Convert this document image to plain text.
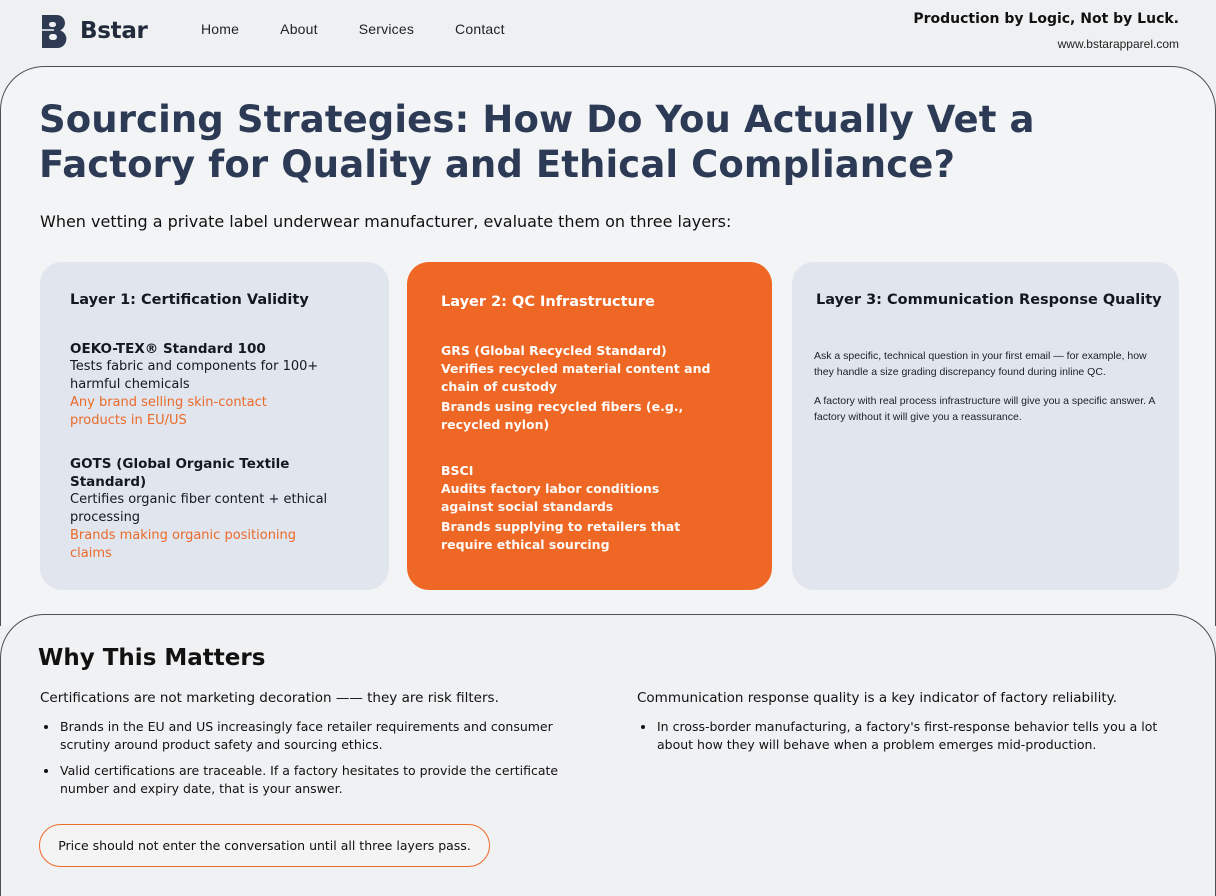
Bstar	Home	About	Services	Contact
Production by Logic, Not by Luck.
www.bstarapparel.com
Sourcing Strategies: How Do You Actually Vet a Factory for Quality and Ethical Compliance?

When vetting a private label underwear manufacturer, evaluate them on three layers:

Layer 1: Certification Validity
OEKO-TEX® Standard 100
Tests fabric and components for 100+ harmful chemicals
Any brand selling skin-contact products in EU/US
GOTS (Global Organic Textile Standard)
Certifies organic fiber content + ethical processing
Brands making organic positioning claims
Layer 2: QC Infrastructure
GRS (Global Recycled Standard)
Verifies recycled material content and chain of custody
Brands using recycled fibers (e.g., recycled nylon)
BSCI
Audits factory labor conditions against social standards
Brands supplying to retailers that require ethical sourcing
Layer 3: Communication Response Quality

Ask a specific, technical question in your first email — for example, how they handle a size grading discrepancy found during inline QC.

A factory with real process infrastructure will give you a specific answer. A factory without it will give you a reassurance.

Why This Matters

Certifications are not marketing decoration —— they are risk filters.

Brands in the EU and US increasingly face retailer requirements and consumer scrutiny around product safety and sourcing ethics.
Valid certifications are traceable. If a factory hesitates to provide the certificate number and expiry date, that is your answer.

Communication response quality is a key indicator of factory reliability.

In cross-border manufacturing, a factory's first-response behavior tells you a lot about how they will behave when a problem emerges mid-production.
Price should not enter the conversation until all three layers pass.
